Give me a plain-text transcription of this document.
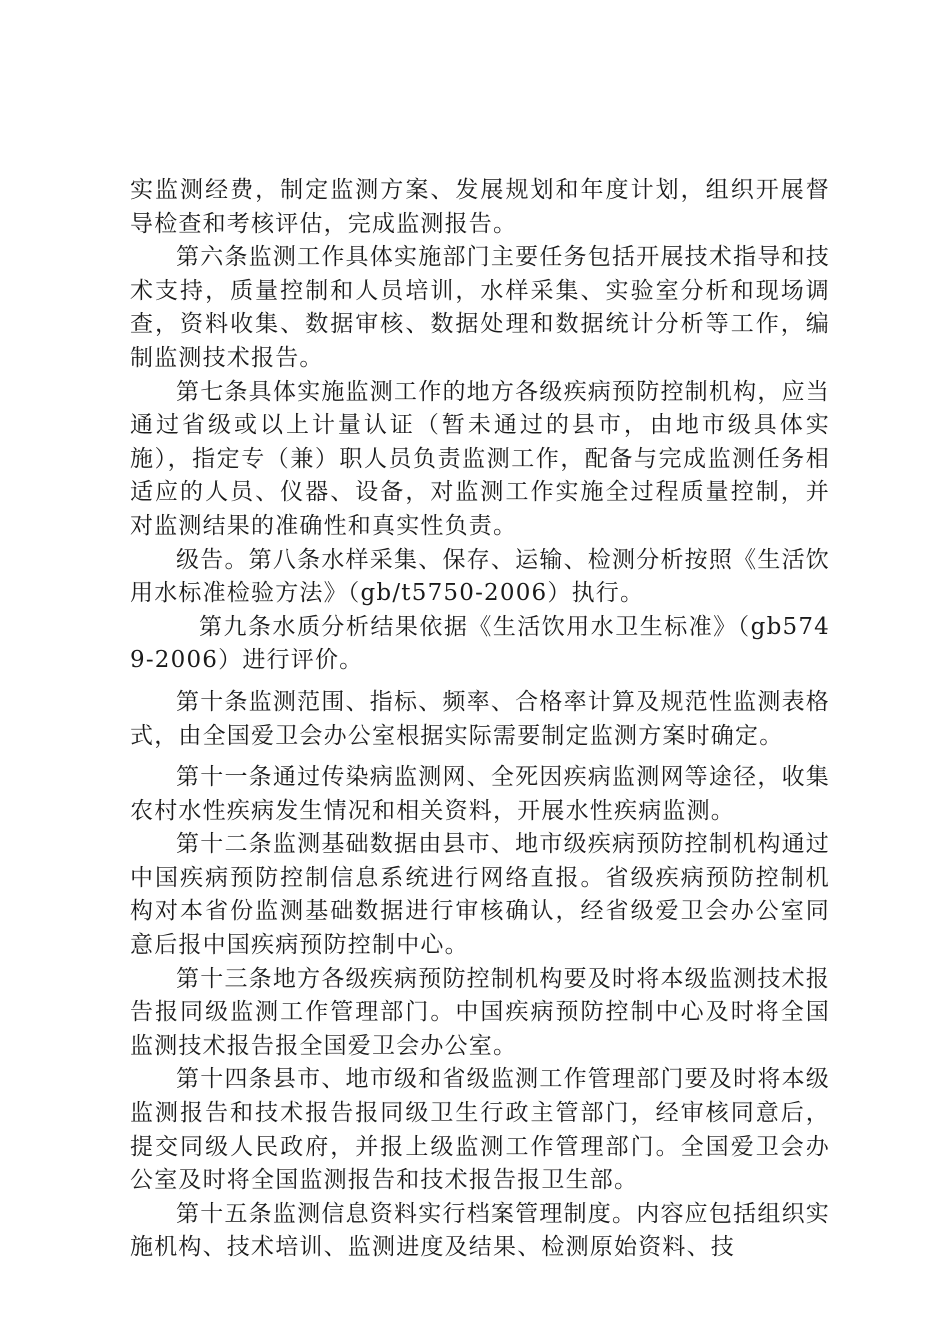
实监测经费，制定监测方案、发展规划和年度计划，组织开展督导检查和考核评估，完成监测报告。

第六条监测工作具体实施部门主要任务包括开展技术指导和技术支持，质量控制和人员培训，水样采集、实验室分析和现场调查，资料收集、数据审核、数据处理和数据统计分析等工作，编制监测技术报告。

第七条具体实施监测工作的地方各级疾病预防控制机构，应当通过省级或以上计量认证（暂未通过的县市，由地市级具体实施），指定专（兼）职人员负责监测工作，配备与完成监测任务相适应的人员、仪器、设备，对监测工作实施全过程质量控制，并对监测结果的准确性和真实性负责。

级告。第八条水样采集、保存、运输、检测分析按照《生活饮用水标准检验方法》（gb/t5750-2006）执行。

第九条水质分析结果依据《生活饮用水卫生标准》（gb5749-2006）进行评价。

第十条监测范围、指标、频率、合格率计算及规范性监测表格式，由全国爱卫会办公室根据实际需要制定监测方案时确定。

第十一条通过传染病监测网、全死因疾病监测网等途径，收集农村水性疾病发生情况和相关资料，开展水性疾病监测。

第十二条监测基础数据由县市、地市级疾病预防控制机构通过中国疾病预防控制信息系统进行网络直报。省级疾病预防控制机构对本省份监测基础数据进行审核确认，经省级爱卫会办公室同意后报中国疾病预防控制中心。

第十三条地方各级疾病预防控制机构要及时将本级监测技术报告报同级监测工作管理部门。中国疾病预防控制中心及时将全国监测技术报告报全国爱卫会办公室。

第十四条县市、地市级和省级监测工作管理部门要及时将本级监测报告和技术报告报同级卫生行政主管部门，经审核同意后，提交同级人民政府，并报上级监测工作管理部门。全国爱卫会办公室及时将全国监测报告和技术报告报卫生部。

第十五条监测信息资料实行档案管理制度。内容应包括组织实施机构、技术培训、监测进度及结果、检测原始资料、技
